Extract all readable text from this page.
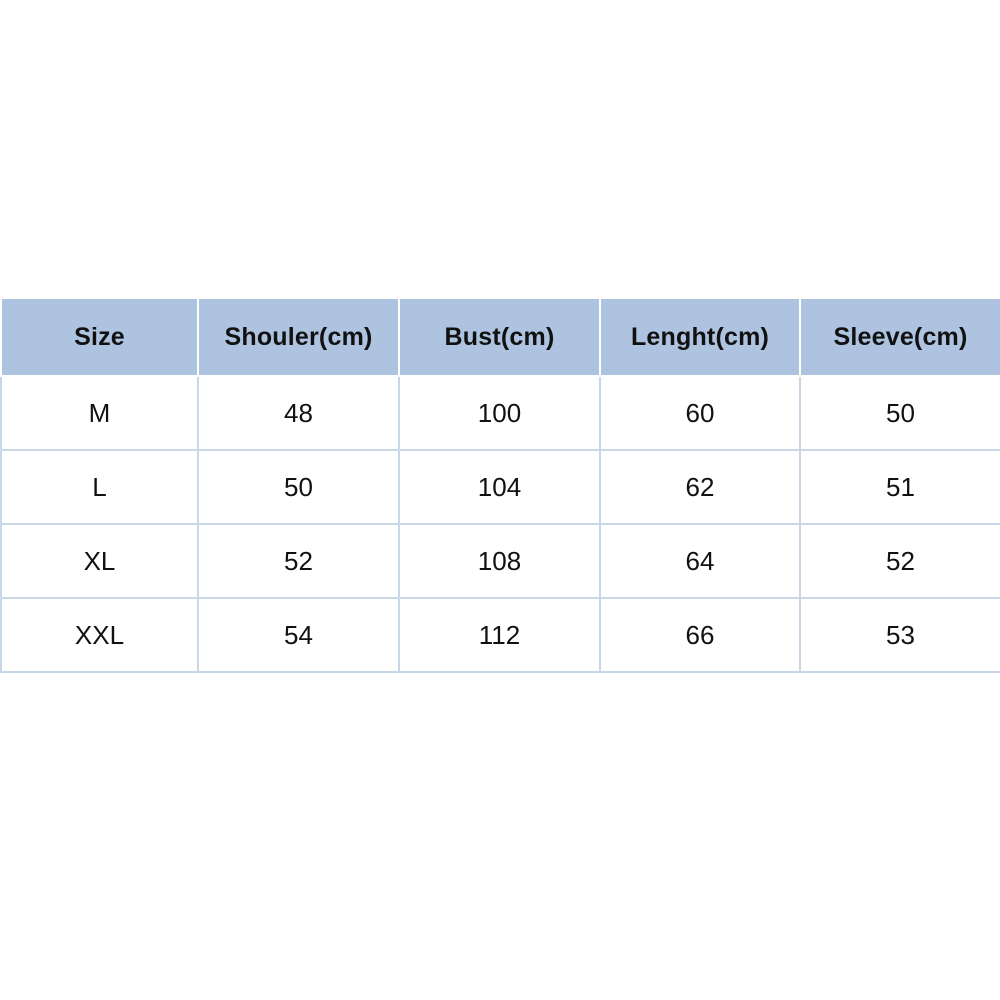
Size	Shouler(cm)	Bust(cm)	Lenght(cm)	Sleeve(cm)
M	48	100	60	50
L	50	104	62	51
XL	52	108	64	52
XXL	54	112	66	53
